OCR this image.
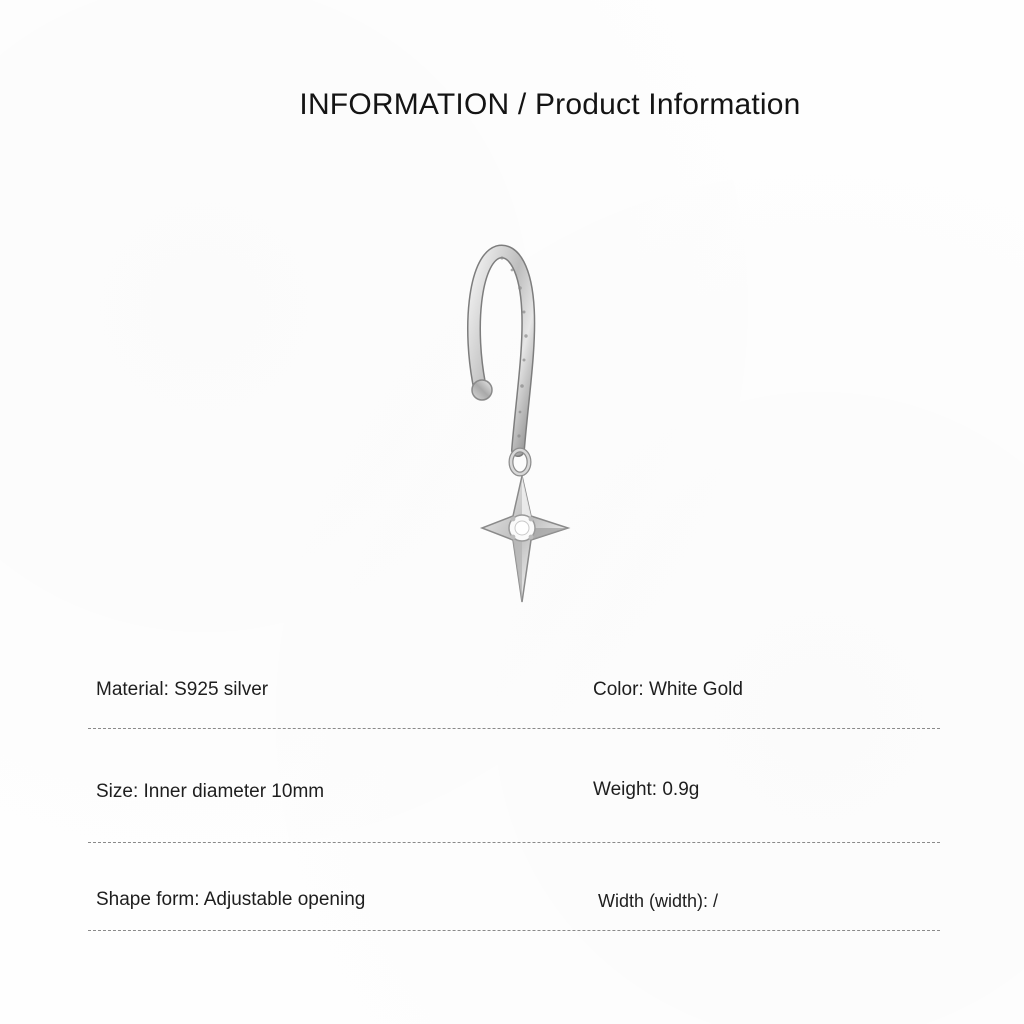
INFORMATION / Product Information
Material: S925 silver	Color: White Gold
Size: Inner diameter 10mm	Weight: 0.9g
Shape form: Adjustable opening	Width (width): /
